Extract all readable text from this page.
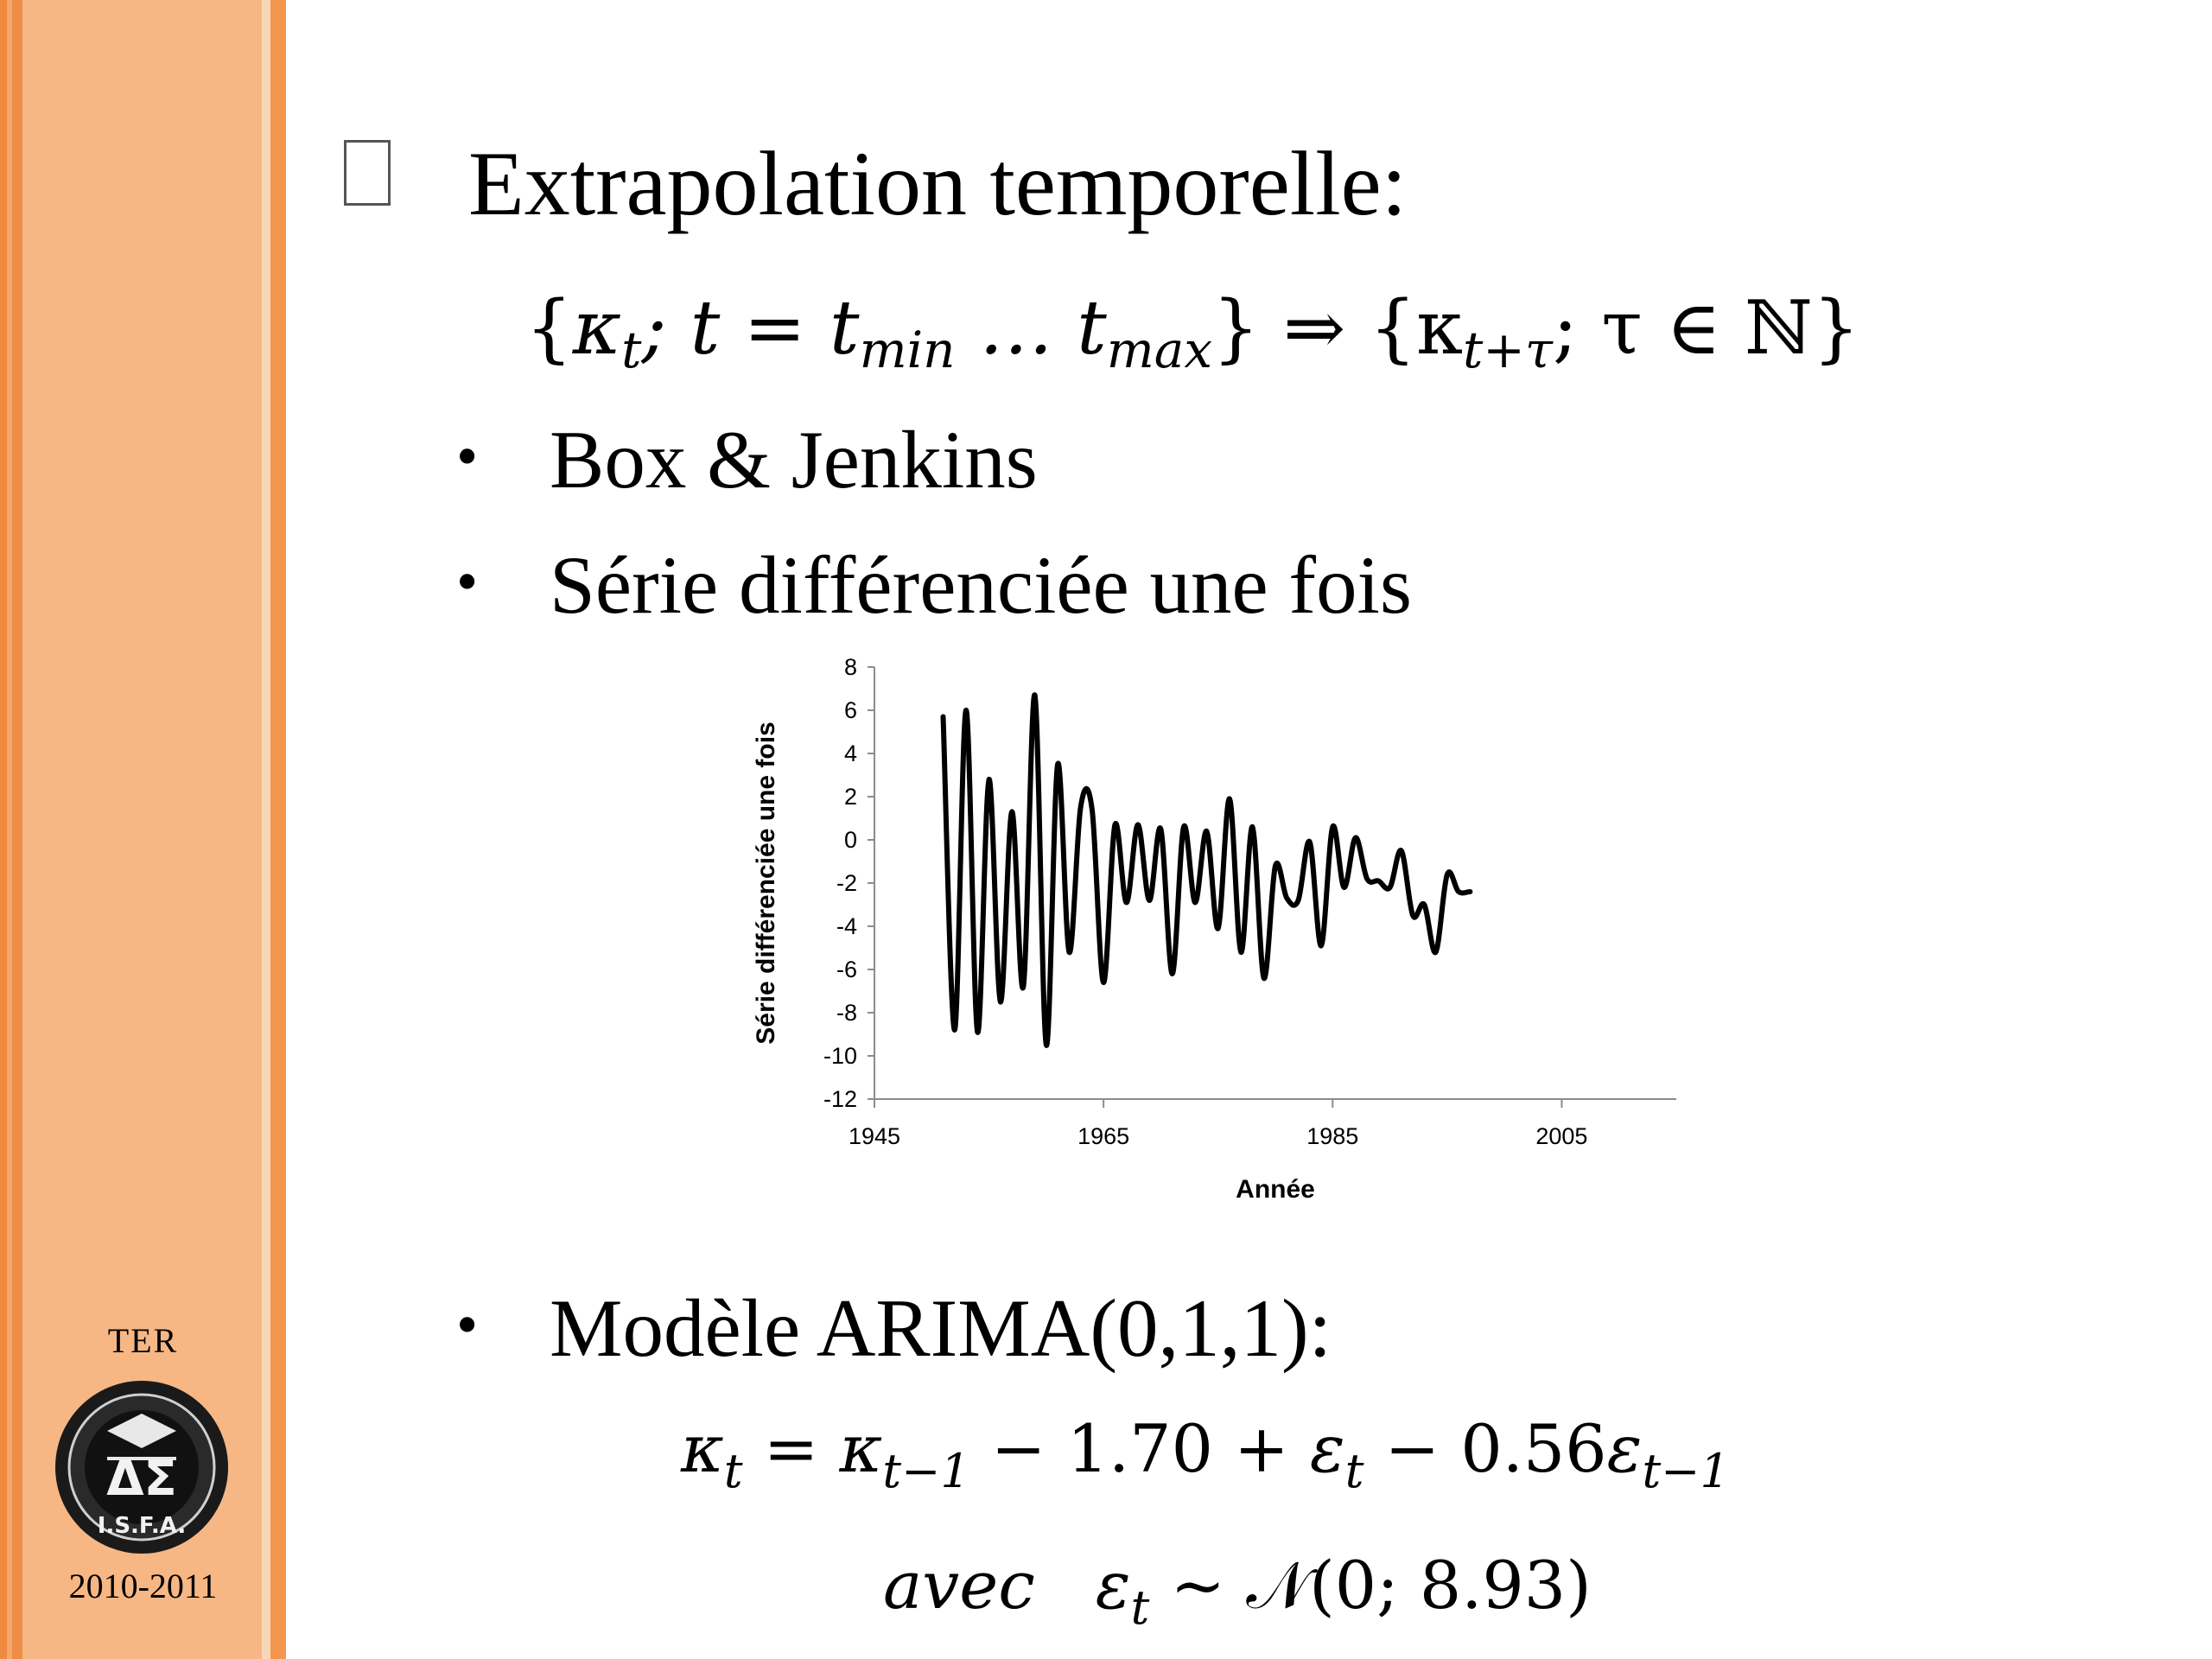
TER
ΔΣ
I.S.F.A.
2010-2011
Extrapolation temporelle:
{$\kappa_t$; $t = t_{min}$ … $t_{max}$} ⇒ {$\kappa_{t+\tau}$; τ ∈ ℕ}
• Box & Jenkins
• Série différenciée une fois
8
6
4
2
0
-2
-4
-6
-8
-10
-12
1945	1965	1985	2005
Année
Série différenciée une fois
• Modèle ARIMA(0,1,1):
$\kappa_t = \kappa_{t-1} - 1.70 + \varepsilon_t - 0.56\varepsilon_{t-1}$
avec $\varepsilon_t$ ~ 𝒩(0; 8.93)
